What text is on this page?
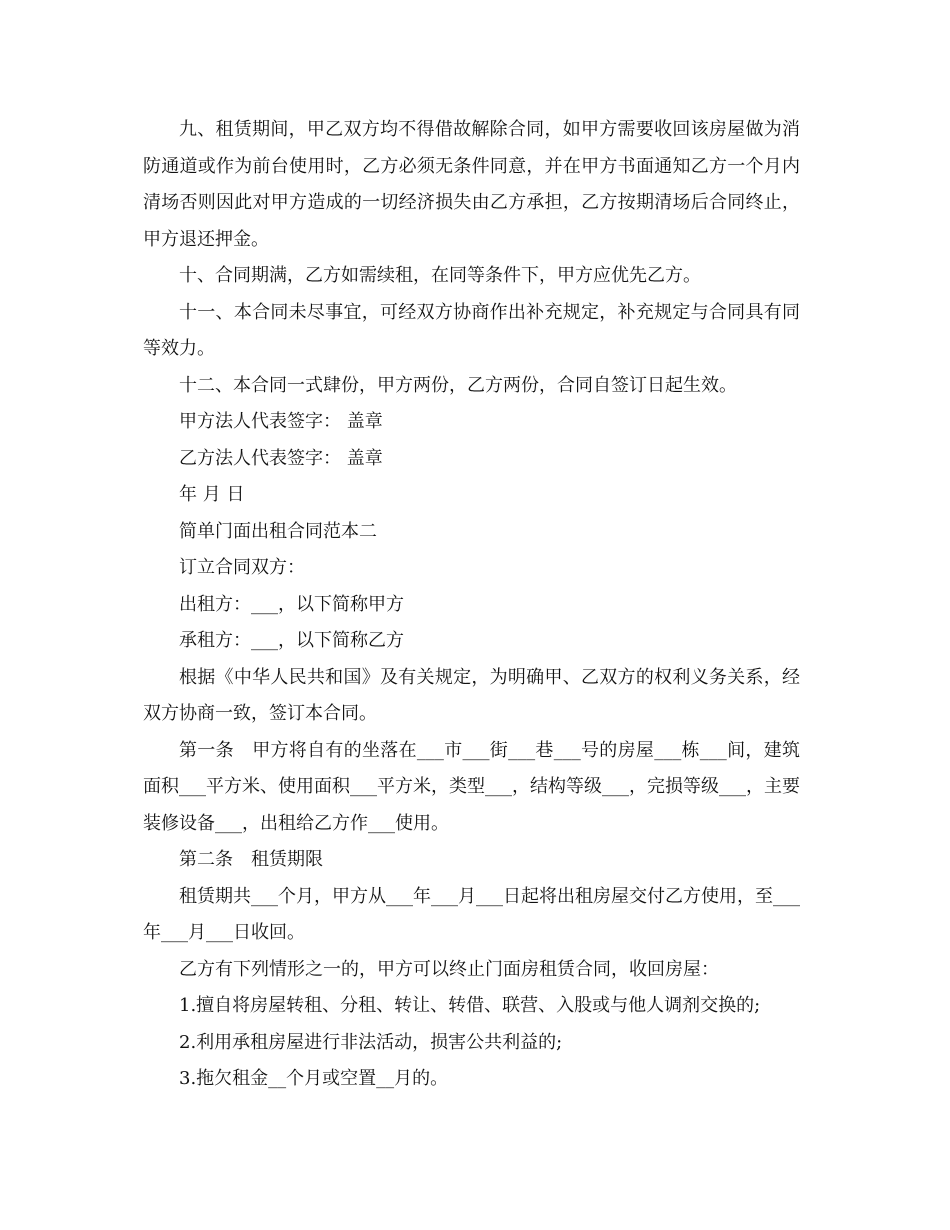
九、租赁期间，甲乙双方均不得借故解除合同，如甲方需要收回该房屋做为消防通道或作为前台使用时，乙方必须无条件同意，并在甲方书面通知乙方一个月内清场否则因此对甲方造成的一切经济损失由乙方承担，乙方按期清场后合同终止，甲方退还押金。

十、合同期满，乙方如需续租，在同等条件下，甲方应优先乙方。

十一、本合同未尽事宜，可经双方协商作出补充规定，补充规定与合同具有同等效力。

十二、本合同一式肆份，甲方两份，乙方两份，合同自签订日起生效。

甲方法人代表签字： 盖章

乙方法人代表签字： 盖章

年 月 日

简单门面出租合同范本二

订立合同双方：

出租方：___，以下简称甲方

承租方：___，以下简称乙方

根据《中华人民共和国》及有关规定，为明确甲、乙双方的权利义务关系，经双方协商一致，签订本合同。

第一条　甲方将自有的坐落在___市___街___巷___号的房屋___栋___间，建筑面积___平方米、使用面积___平方米，类型___，结构等级___，完损等级___，主要装修设备___，出租给乙方作___使用。

第二条　租赁期限

租赁期共___个月，甲方从___年___月___日起将出租房屋交付乙方使用，至___年___月___日收回。

乙方有下列情形之一的，甲方可以终止门面房租赁合同，收回房屋：

1.擅自将房屋转租、分租、转让、转借、联营、入股或与他人调剂交换的;

2.利用承租房屋进行非法活动，损害公共利益的;

3.拖欠租金__个月或空置__月的。
